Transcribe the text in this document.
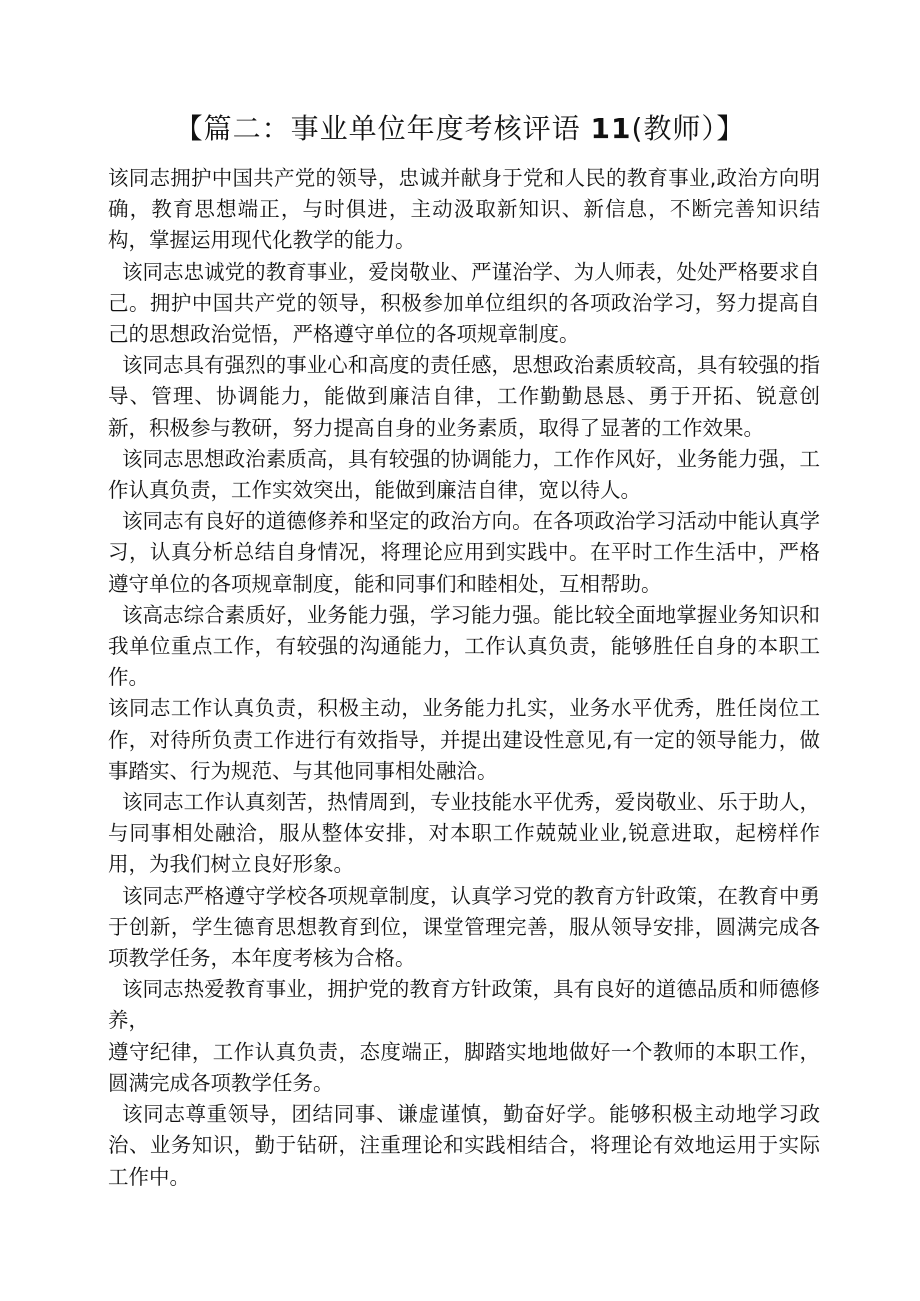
【篇二：事业单位年度考核评语 11(教师）】

该同志拥护中国共产党的领导，忠诚并献身于党和人民的教育事业,政治方向明确，教育思想端正，与时俱进，主动汲取新知识、新信息，不断完善知识结构，掌握运用现代化教学的能力。

该同志忠诚党的教育事业，爱岗敬业、严谨治学、为人师表，处处严格要求自己。拥护中国共产党的领导，积极参加单位组织的各项政治学习，努力提高自己的思想政治觉悟，严格遵守单位的各项规章制度。

该同志具有强烈的事业心和高度的责任感，思想政治素质较高，具有较强的指导、管理、协调能力，能做到廉洁自律，工作勤勤恳恳、勇于开拓、锐意创新，积极参与教研，努力提高自身的业务素质，取得了显著的工作效果。

该同志思想政治素质高，具有较强的协调能力，工作作风好，业务能力强，工作认真负责，工作实效突出，能做到廉洁自律，宽以待人。

该同志有良好的道德修养和坚定的政治方向。在各项政治学习活动中能认真学习，认真分析总结自身情况，将理论应用到实践中。在平时工作生活中，严格遵守单位的各项规章制度，能和同事们和睦相处，互相帮助。

该高志综合素质好，业务能力强，学习能力强。能比较全面地掌握业务知识和我单位重点工作，有较强的沟通能力，工作认真负责，能够胜任自身的本职工作。

该同志工作认真负责，积极主动，业务能力扎实，业务水平优秀，胜任岗位工作，对待所负责工作进行有效指导，并提出建设性意见,有一定的领导能力，做事踏实、行为规范、与其他同事相处融洽。

该同志工作认真刻苦，热情周到，专业技能水平优秀，爱岗敬业、乐于助人，与同事相处融洽，服从整体安排，对本职工作兢兢业业,锐意进取，起榜样作用，为我们树立良好形象。

该同志严格遵守学校各项规章制度，认真学习党的教育方针政策，在教育中勇于创新，学生德育思想教育到位，课堂管理完善，服从领导安排，圆满完成各项教学任务，本年度考核为合格。

该同志热爱教育事业，拥护党的教育方针政策，具有良好的道德品质和师德修养，

遵守纪律，工作认真负责，态度端正，脚踏实地地做好一个教师的本职工作，圆满完成各项教学任务。

该同志尊重领导，团结同事、谦虚谨慎，勤奋好学。能够积极主动地学习政治、业务知识，勤于钻研，注重理论和实践相结合，将理论有效地运用于实际工作中。
